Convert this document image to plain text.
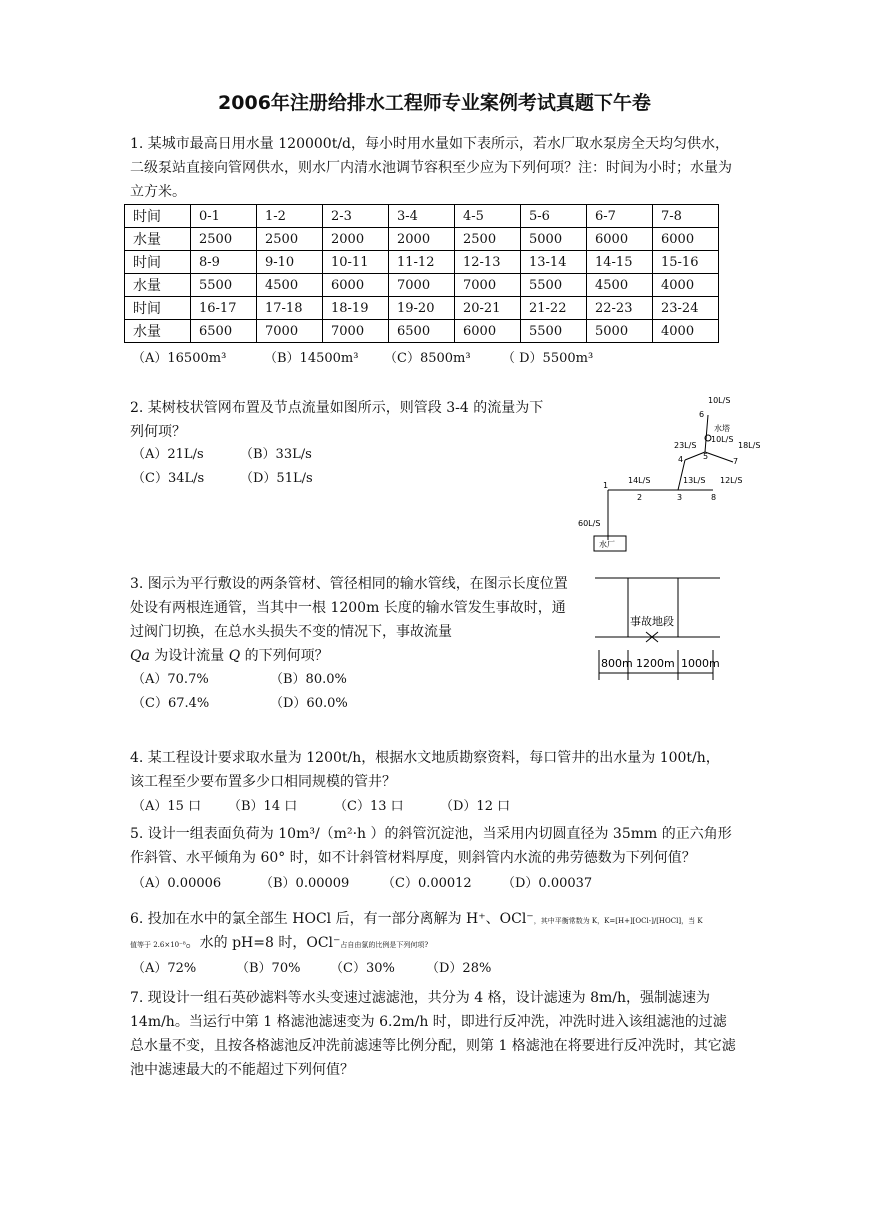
2006年注册给排水工程师专业案例考试真题下午卷
1. 某城市最高日用水量 120000t/d，每小时用水量如下表所示，若水厂取水泵房全天均匀供水，二级泵站直接向管网供水，则水厂内清水池调节容积至少应为下列何项？注：时间为小时；水量为立方米。
时间	0-1	1-2	2-3	3-4	4-5	5-6	6-7	7-8
水量	2500	2500	2000	2000	2500	5000	6000	6000
时间	8-9	9-10	10-11	11-12	12-13	13-14	14-15	15-16
水量	5500	4500	6000	7000	7000	5500	4500	4000
时间	16-17	17-18	18-19	19-20	20-21	21-22	22-23	23-24
水量	6500	7000	7000	6500	6000	5500	5000	4000
（A）16500m³	（B）14500m³ （C）8500m³ （ D）5500m³
2. 某树枝状管网布置及节点流量如图所示，则管段 3-4 的流量为下列何项？
（A）21L/s	（B）33L/s
（C）34L/s	（D）51L/s
10L/S
6
水塔
10L/S
23L/S	18L/S
4 5
7
14L/S	13L/S 12L/S
1
2	3	8
60L/S
水厂
3. 图示为平行敷设的两条管材、管径相同的输水管线，在图示长度位置处设有两根连通管，当其中一根 1200m 长度的输水管发生事故时，通过阀门切换，在总水头损失不变的情况下，事故流量
Qa 为设计流量 Q 的下列何项？
（A）70.7%	（B）80.0%
（C）67.4%	（D）60.0%
事故地段
800m 1200m 1000m
4. 某工程设计要求取水量为 1200t/h，根据水文地质勘察资料，每口管井的出水量为 100t/h，该工程至少要布置多少口相同规模的管井？
（A）15 口 （B）14 口	（C）13 口	（D）12 口
5. 设计一组表面负荷为 10m³/（m²·h ）的斜管沉淀池，当采用内切圆直径为 35mm 的正六角形作斜管、水平倾角为 60° 时，如不计斜管材料厚度，则斜管内水流的弗劳德数为下列何值？
（A）0.00006	（B）0.00009	（C）0.00012 （D）0.00037
6. 投加在水中的氯全部生 HOCl 后，有一部分离解为 H⁺、OCl⁻，其中平衡常数为 K，K=[H+][OCl-]/[HOCl]，当 K
值等于 2.6×10⁻⁸。水的 pH=8 时，OCl⁻占自由氯的比例是下列何项?
（A）72%	（B）70% （C）30% （D）28%
7. 现设计一组石英砂滤料等水头变速过滤滤池，共分为 4 格，设计滤速为 8m/h，强制滤速为 14m/h。当运行中第 1 格滤池滤速变为 6.2m/h 时，即进行反冲洗，冲洗时进入该组滤池的过滤总水量不变，且按各格滤池反冲洗前滤速等比例分配，则第 1 格滤池在将要进行反冲洗时，其它滤池中滤速最大的不能超过下列何值？
